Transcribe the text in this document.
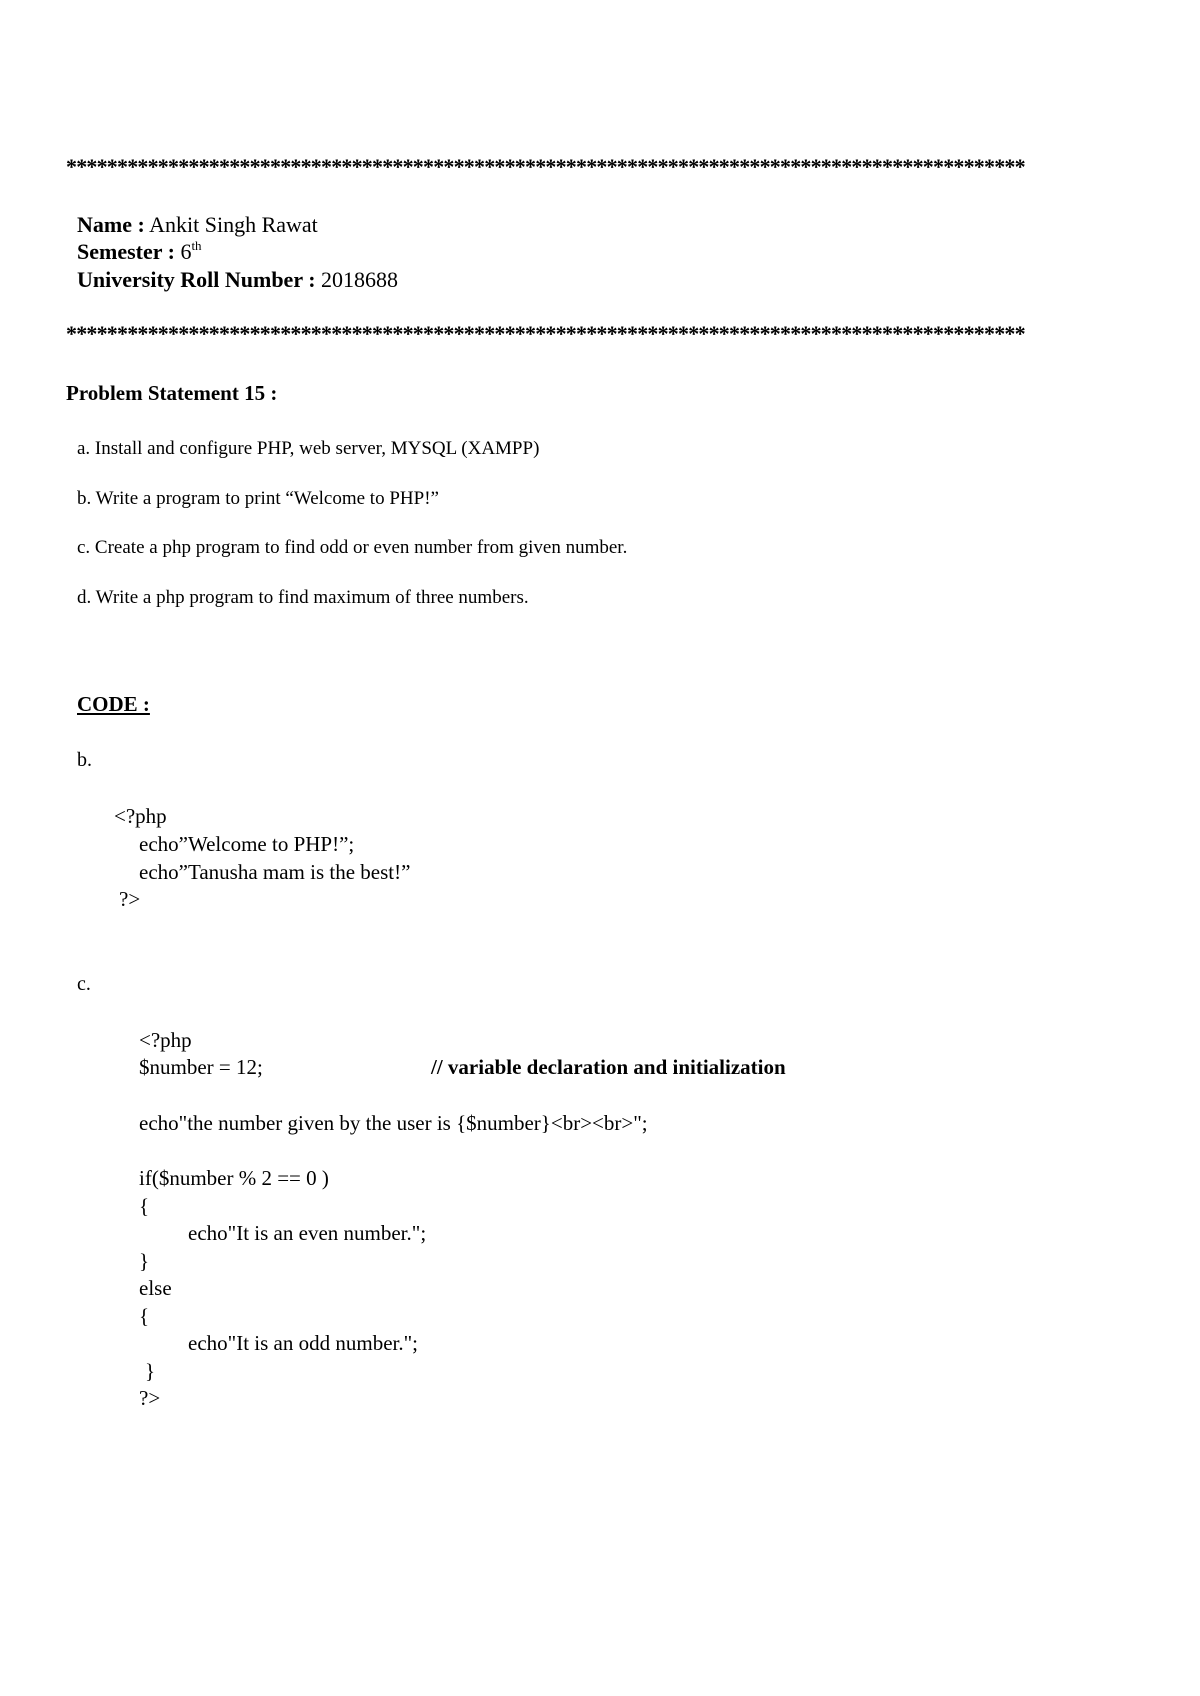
**********************************************************************************************
Name : Ankit Singh Rawat
Semester : 6th
University Roll Number : 2018688
**********************************************************************************************
Problem Statement 15 :
a. Install and configure PHP, web server, MYSQL (XAMPP)
b. Write a program to print “Welcome to PHP!”
c. Create a php program to find odd or even number from given number.
d. Write a php program to find maximum of three numbers.
CODE :
b.
<?php
echo”Welcome to PHP!”;
echo”Tanusha mam is the best!”
?>
c.
<?php
$number = 12;	// variable declaration and initialization
echo"the number given by the user is {$number}<br><br>";
if($number % 2 == 0 )
{
echo"It is an even number.";
}
else
{
echo"It is an odd number.";
}
?>
